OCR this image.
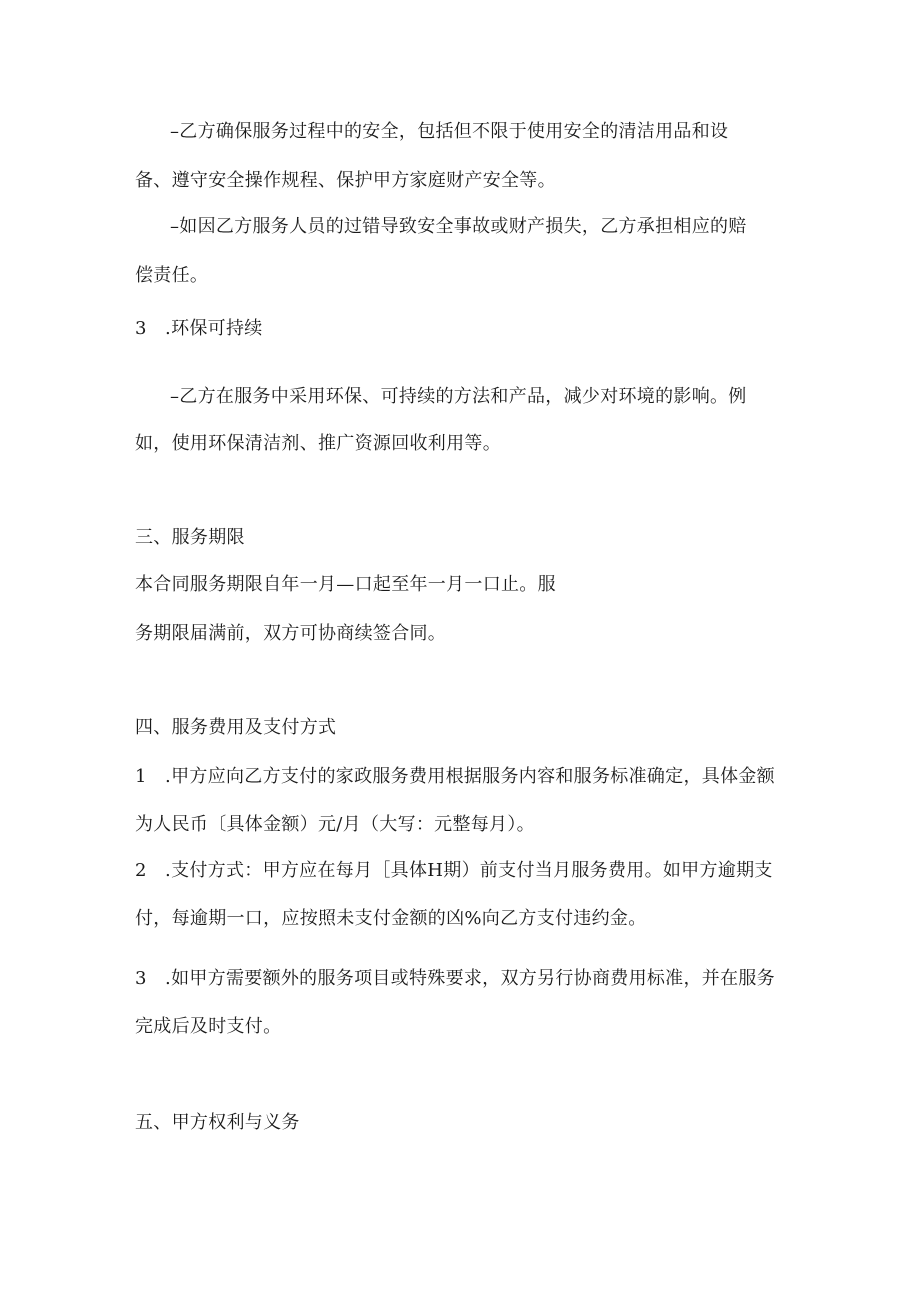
–乙方确保服务过程中的安全，包括但不限于使用安全的清洁用品和设
备、遵守安全操作规程、保护甲方家庭财产安全等。
–如因乙方服务人员的过错导致安全事故或财产损失，乙方承担相应的赔
偿责任。
3　.环保可持续
–乙方在服务中采用环保、可持续的方法和产品，减少对环境的影响。例
如，使用环保清洁剂、推广资源回收利用等。
三、服务期限
本合同服务期限自年一月—口起至年一月一口止。服
务期限届满前，双方可协商续签合同。
四、服务费用及支付方式
1　.甲方应向乙方支付的家政服务费用根据服务内容和服务标准确定，具体金额
为人民币〔具体金额）元/月（大写：元整每月）。
2　.支付方式：甲方应在每月［具体H期）前支付当月服务费用。如甲方逾期支
付，每逾期一口，应按照未支付金额的凶%向乙方支付违约金。
3　.如甲方需要额外的服务项目或特殊要求，双方另行协商费用标准，并在服务
完成后及时支付。
五、甲方权利与义务
